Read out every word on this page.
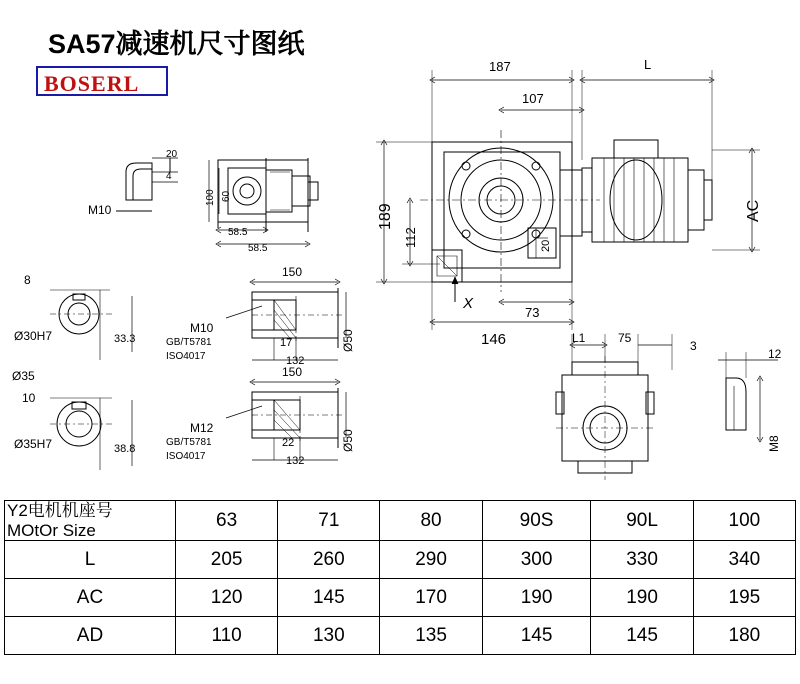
SA57减速机尺寸图纸
BOSERL
187	L
107
189
112
AC
146
73
X
20
L1	75
3
12
M8
M10
20
4
100 60
58.5
58.5
8
Ø30H7	33.3
Ø35
10
Ø35H7	38.8
150
17
132
Ø50
M10
GB/T5781
ISO4017
150
22
132
Ø50
M12
GB/T5781
ISO4017
Y2电机机座号
MOtOr Size	63	71	80	90S	90L	100
L	205	260	290	300	330	340
AC	120	145	170	190	190	195
AD	110	130	135	145	145	180
